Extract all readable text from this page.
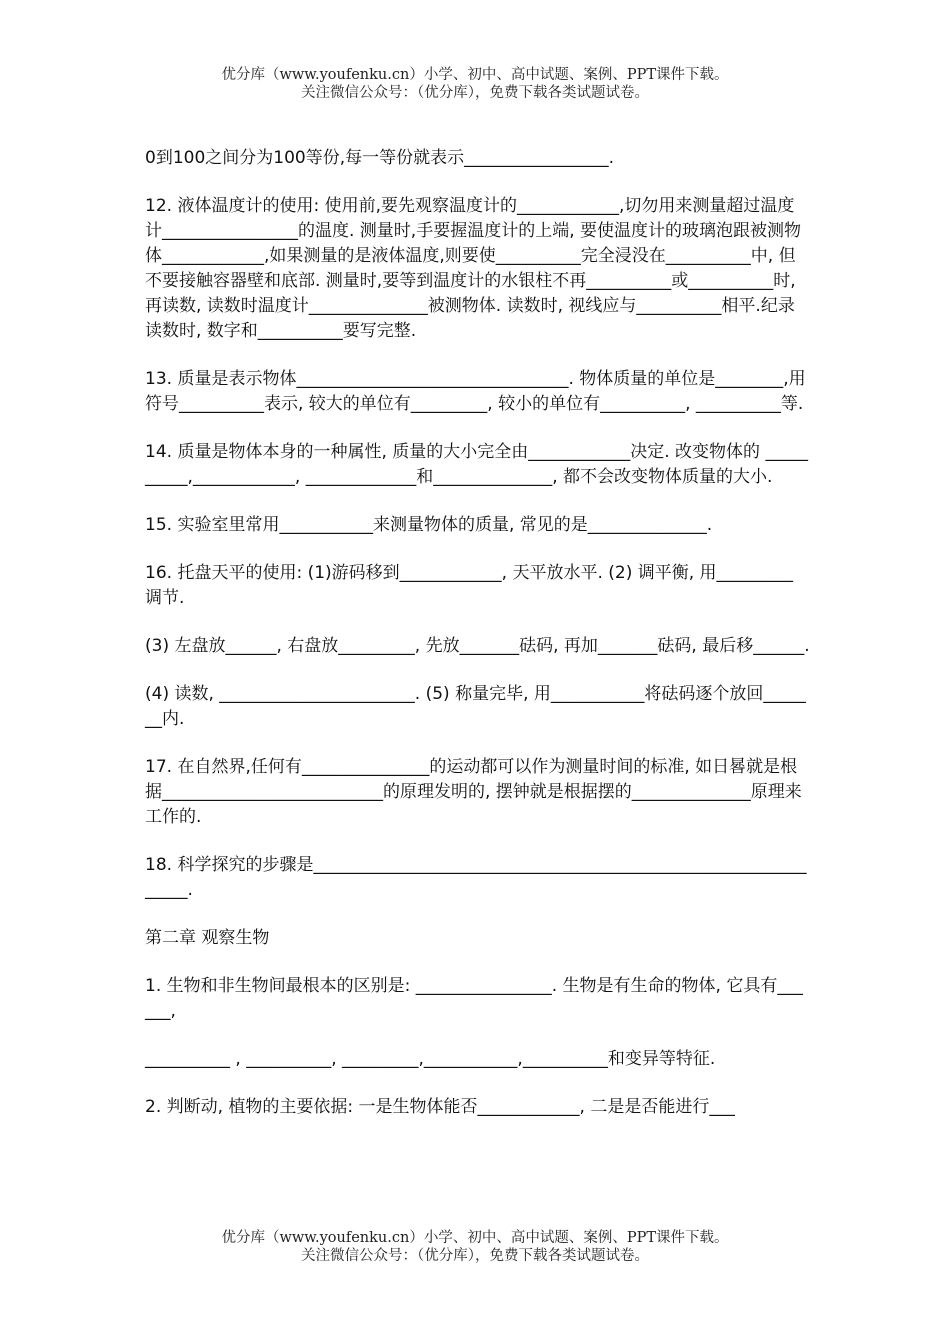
优分库（www.youfenku.cn）小学、初中、高中试题、案例、PPT课件下载。
关注微信公众号：（优分库），免费下载各类试题试卷。

0到100之间分为100等份,每一等份就表示_________________.

12. 液体温度计的使用: 使用前,要先观察温度计的____________,切勿用来测量超过温度计________________的温度. 测量时,手要握温度计的上端, 要使温度计的玻璃泡跟被测物体____________,如果测量的是液体温度,则要使__________完全浸没在__________中, 但不要接触容器壁和底部. 测量时,要等到温度计的水银柱不再__________或__________时,再读数, 读数时温度计______________被测物体. 读数时, 视线应与__________相平.纪录读数时, 数字和__________要写完整.

13. 质量是表示物体________________________________. 物体质量的单位是________,用符号__________表示, 较大的单位有_________, 较小的单位有__________, __________等.

14. 质量是物体本身的一种属性, 质量的大小完全由____________决定. 改变物体的 __________,____________, _____________和______________, 都不会改变物体质量的大小.

15. 实验室里常用___________来测量物体的质量, 常见的是______________.

16. 托盘天平的使用: (1)游码移到____________, 天平放水平. (2) 调平衡, 用_________调节.

(3) 左盘放______, 右盘放_________, 先放_______砝码, 再加_______砝码, 最后移______.

(4) 读数, _______________________. (5) 称量完毕, 用___________将砝码逐个放回_______内.

17. 在自然界,任何有_______________的运动都可以作为测量时间的标准, 如日晷就是根据__________________________的原理发明的, 摆钟就是根据摆的______________原理来工作的.

18. 科学探究的步骤是_______________________________________________________________.

第二章 观察生物

1. 生物和非生物间最根本的区别是: ________________. 生物是有生命的物体, 它具有______,

__________ , __________, _________,___________,__________和变异等特征.

2. 判断动, 植物的主要依据: 一是生物体能否____________, 二是是否能进行___

优分库（www.youfenku.cn）小学、初中、高中试题、案例、PPT课件下载。
关注微信公众号：（优分库），免费下载各类试题试卷。
